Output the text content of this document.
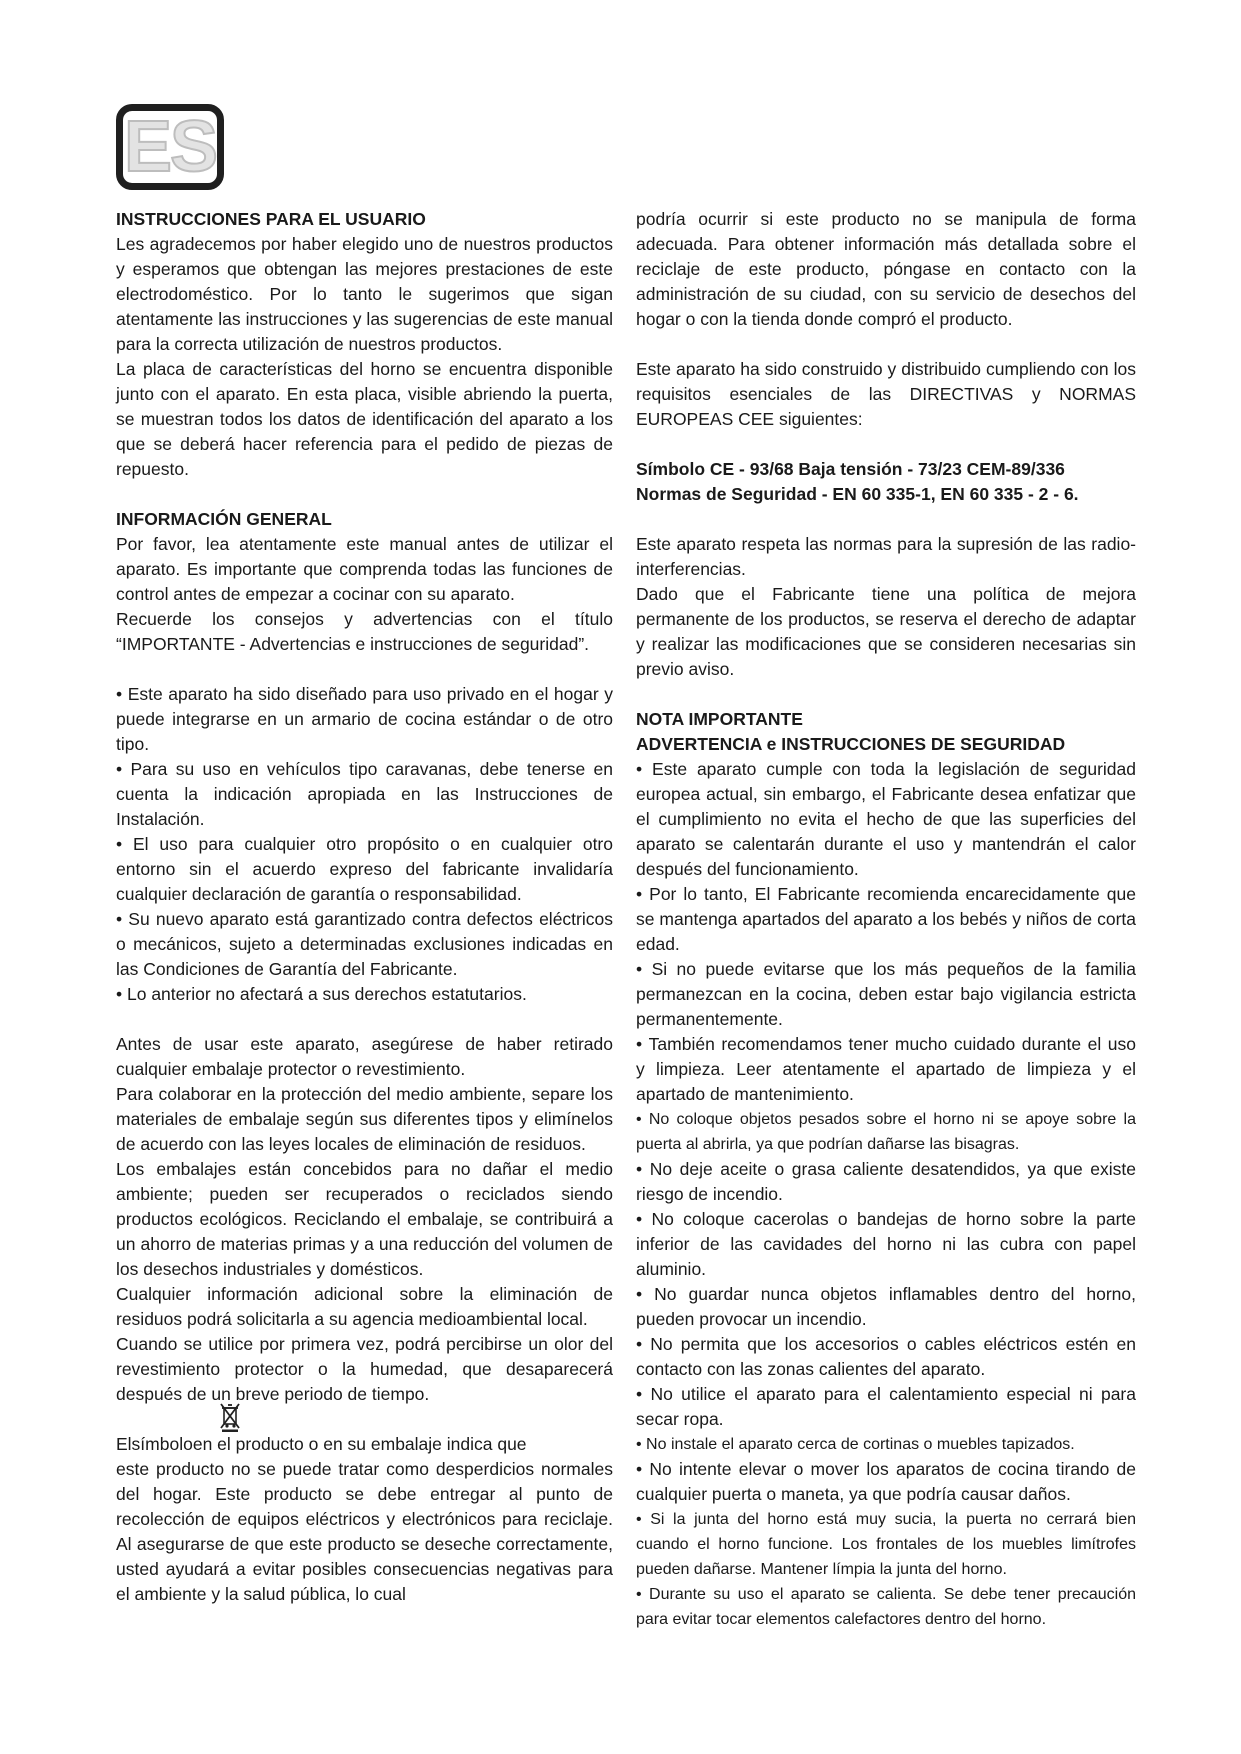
ES
INSTRUCCIONES PARA EL USUARIO

Les agradecemos por haber elegido uno de nuestros productos y esperamos que obtengan las mejores prestaciones de este electrodoméstico. Por lo tanto le sugerimos que sigan atentamente las instrucciones y las sugerencias de este manual para la correcta utilización de nuestros productos.

La placa de características del horno se encuentra disponible junto con el aparato. En esta placa, visible abriendo la puerta, se muestran todos los datos de identificación del aparato a los que se deberá hacer referencia para el pedido de piezas de repuesto.

INFORMACIÓN GENERAL

Por favor, lea atentamente este manual antes de utilizar el aparato. Es importante que comprenda todas las funciones de control antes de empezar a cocinar con su aparato.

Recuerde los consejos y advertencias con el título “IMPORTANTE - Advertencias e instrucciones de seguridad”.

• Este aparato ha sido diseñado para uso privado en el hogar y puede integrarse en un armario de cocina estándar o de otro tipo.

• Para su uso en vehículos tipo caravanas, debe tenerse en cuenta la indicación apropiada en las Instrucciones de Instalación.

• El uso para cualquier otro propósito o en cualquier otro entorno sin el acuerdo expreso del fabricante invalidaría cualquier declaración de garantía o responsabilidad.

• Su nuevo aparato está garantizado contra defectos eléctricos o mecánicos, sujeto a determinadas exclusiones indicadas en las Condiciones de Garantía del Fabricante.

• Lo anterior no afectará a sus derechos estatutarios.

Antes de usar este aparato, asegúrese de haber retirado cualquier embalaje protector o revestimiento.

Para colaborar en la protección del medio ambiente, separe los materiales de embalaje según sus diferentes tipos y elimínelos de acuerdo con las leyes locales de eliminación de residuos.

Los embalajes están concebidos para no dañar el medio ambiente; pueden ser recuperados o reciclados siendo productos ecológicos. Reciclando el embalaje, se contribuirá a un ahorro de materias primas y a una reducción del volumen de los desechos industriales y domésticos.

Cualquier información adicional sobre la eliminación de residuos podrá solicitarla a su agencia medioambiental local.

Cuando se utilice por primera vez, podrá percibirse un olor del revestimiento protector o la humedad, que desaparecerá después de un breve periodo de tiempo.

Elsímboloen el producto o en su embalaje indica que

este producto no se puede tratar como desperdicios normales del hogar. Este producto se debe entregar al punto de recolección de equipos eléctricos y electrónicos para reciclaje. Al asegurarse de que este producto se deseche correctamente, usted ayudará a evitar posibles consecuencias negativas para el ambiente y la salud pública, lo cual

podría ocurrir si este producto no se manipula de forma adecuada. Para obtener información más detallada sobre el reciclaje de este producto, póngase en contacto con la administración de su ciudad, con su servicio de desechos del hogar o con la tienda donde compró el producto.

Este aparato ha sido construido y distribuido cumpliendo con los requisitos esenciales de las DIRECTIVAS y NORMAS EUROPEAS CEE siguientes:

Símbolo CE - 93/68 Baja tensión - 73/23 CEM-89/336
Normas de Seguridad - EN 60 335-1, EN 60 335 - 2 - 6.

Este aparato respeta las normas para la supresión de las radio-interferencias.

Dado que el Fabricante tiene una política de mejora permanente de los productos, se reserva el derecho de adaptar y realizar las modificaciones que se consideren necesarias sin previo aviso.

NOTA IMPORTANTE
ADVERTENCIA e INSTRUCCIONES DE SEGURIDAD

• Este aparato cumple con toda la legislación de seguridad europea actual, sin embargo, el Fabricante desea enfatizar que el cumplimiento no evita el hecho de que las superficies del aparato se calentarán durante el uso y mantendrán el calor después del funcionamiento.

• Por lo tanto, El Fabricante recomienda encarecidamente que se mantenga apartados del aparato a los bebés y niños de corta edad.

• Si no puede evitarse que los más pequeños de la familia permanezcan en la cocina, deben estar bajo vigilancia estricta permanentemente.

• También recomendamos tener mucho cuidado durante el uso y limpieza. Leer atentamente el apartado de limpieza y el apartado de mantenimiento.

• No coloque objetos pesados sobre el horno ni se apoye sobre la puerta al abrirla, ya que podrían dañarse las bisagras.

• No deje aceite o grasa caliente desatendidos, ya que existe riesgo de incendio.

• No coloque cacerolas o bandejas de horno sobre la parte inferior de las cavidades del horno ni las cubra con papel aluminio.

• No guardar nunca objetos inflamables dentro del horno, pueden provocar un incendio.

• No permita que los accesorios o cables eléctricos estén en contacto con las zonas calientes del aparato.

• No utilice el aparato para el calentamiento especial ni para secar ropa.

• No instale el aparato cerca de cortinas o muebles tapizados.

• No intente elevar o mover los aparatos de cocina tirando de cualquier puerta o maneta, ya que podría causar daños.

• Si la junta del horno está muy sucia, la puerta no cerrará bien cuando el horno funcione. Los frontales de los muebles limítrofes pueden dañarse. Mantener límpia la junta del horno.

• Durante su uso el aparato se calienta. Se debe tener precaución para evitar tocar elementos calefactores dentro del horno.
